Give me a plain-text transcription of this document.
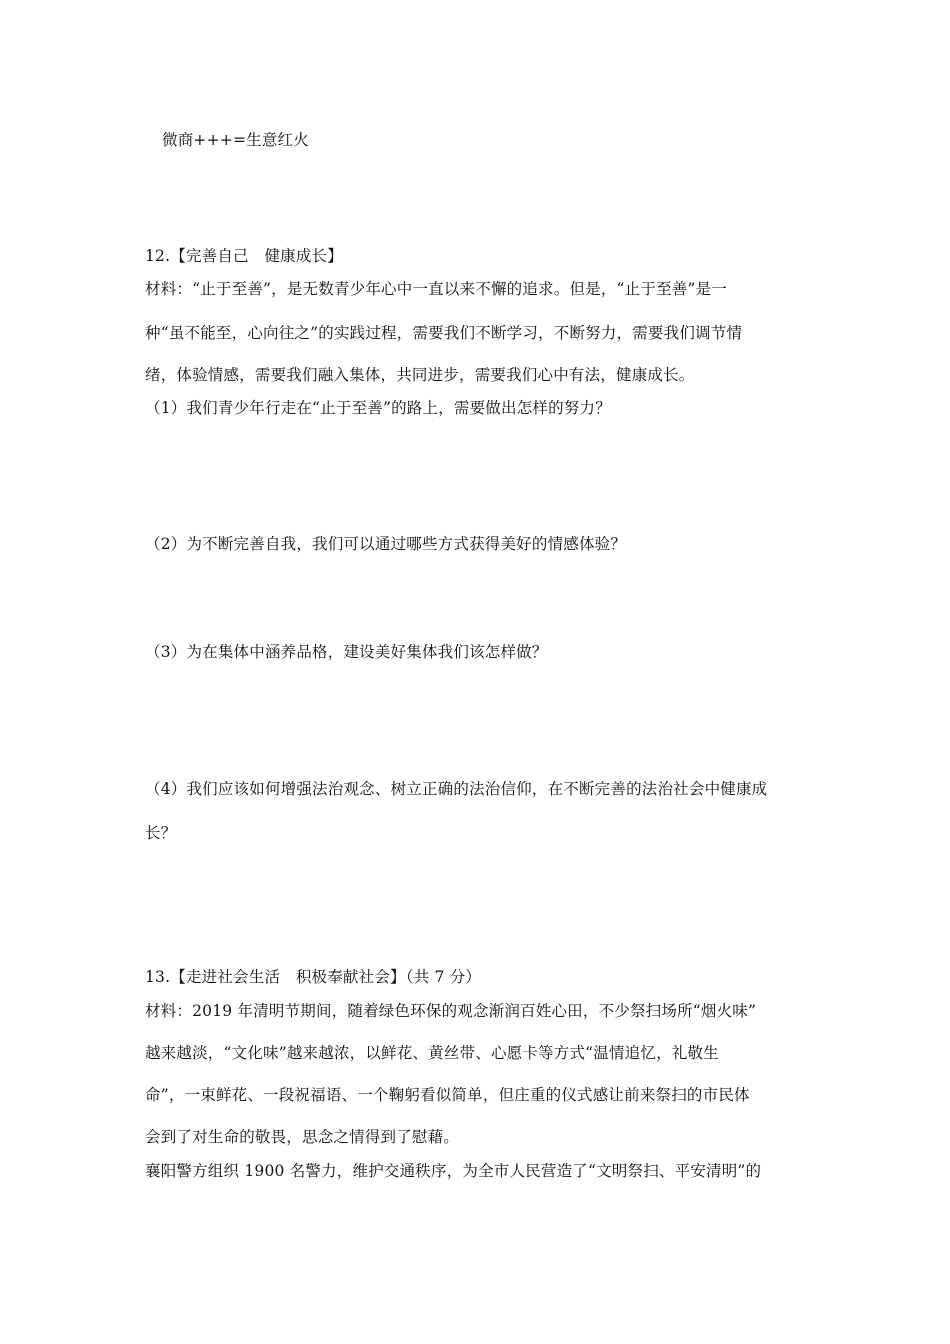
微商+++=生意红火
12.【完善自己　健康成长】
材料：“止于至善”，是无数青少年心中一直以来不懈的追求。但是，“止于至善”是一
种“虽不能至，心向往之”的实践过程，需要我们不断学习，不断努力，需要我们调节情
绪，体验情感，需要我们融入集体，共同进步，需要我们心中有法，健康成长。
（1）我们青少年行走在“止于至善”的路上，需要做出怎样的努力？
（2）为不断完善自我，我们可以通过哪些方式获得美好的情感体验？
（3）为在集体中涵养品格，建设美好集体我们该怎样做？
（4）我们应该如何增强法治观念、树立正确的法治信仰，在不断完善的法治社会中健康成
长？
13.【走进社会生活　积极奉献社会】（共 7 分）
材料：2019 年清明节期间，随着绿色环保的观念渐润百姓心田，不少祭扫场所“烟火味”
越来越淡，“文化味”越来越浓，以鲜花、黄丝带、心愿卡等方式“温情追忆，礼敬生
命”，一束鲜花、一段祝福语、一个鞠躬看似简单，但庄重的仪式感让前来祭扫的市民体
会到了对生命的敬畏，思念之情得到了慰藉。
襄阳警方组织 1900 名警力，维护交通秩序，为全市人民营造了“文明祭扫、平安清明”的
